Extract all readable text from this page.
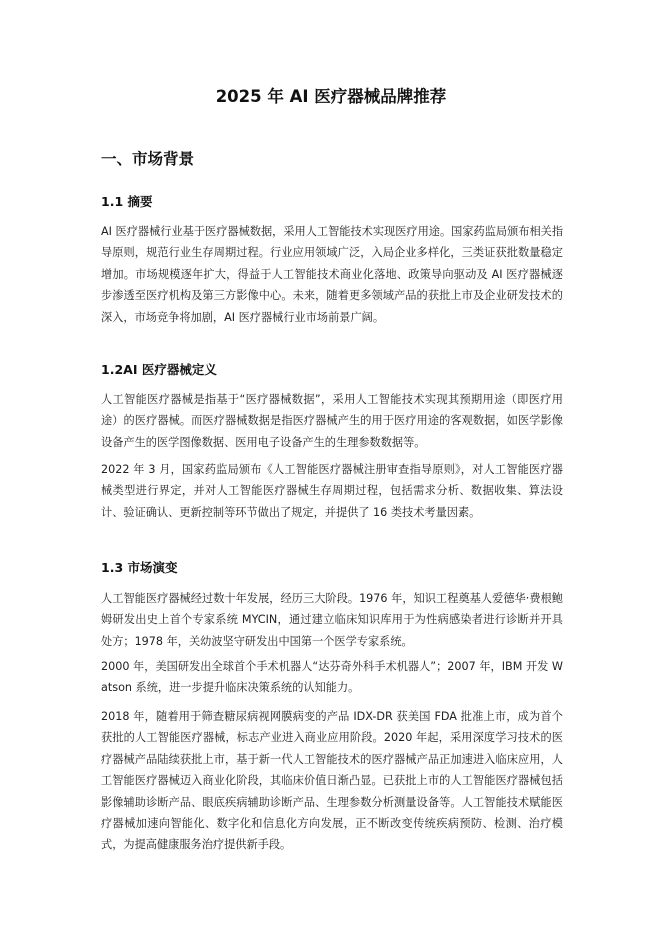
2025 年 AI 医疗器械品牌推荐
一、市场背景
1.1 摘要
AI 医疗器械行业基于医疗器械数据，采用人工智能技术实现医疗用途。国家药监局颁布相关指导原则，规范行业生存周期过程。行业应用领域广泛，入局企业多样化，三类证获批数量稳定增加。市场规模逐年扩大，得益于人工智能技术商业化落地、政策导向驱动及 AI 医疗器械逐步渗透至医疗机构及第三方影像中心。未来，随着更多领域产品的获批上市及企业研发技术的深入，市场竞争将加剧，AI 医疗器械行业市场前景广阔。
1.2AI 医疗器械定义
人工智能医疗器械是指基于“医疗器械数据”，采用人工智能技术实现其预期用途（即医疗用途）的医疗器械。而医疗器械数据是指医疗器械产生的用于医疗用途的客观数据，如医学影像设备产生的医学图像数据、医用电子设备产生的生理参数数据等。
2022 年 3 月，国家药监局颁布《人工智能医疗器械注册审查指导原则》，对人工智能医疗器械类型进行界定，并对人工智能医疗器械生存周期过程，包括需求分析、数据收集、算法设计、验证确认、更新控制等环节做出了规定，并提供了 16 类技术考量因素。
1.3 市场演变
人工智能医疗器械经过数十年发展，经历三大阶段。1976 年，知识工程奠基人爱德华·费根鲍姆研发出史上首个专家系统 MYCIN，通过建立临床知识库用于为性病感染者进行诊断并开具处方；1978 年，关幼波坚守研发出中国第一个医学专家系统。
2000 年，美国研发出全球首个手术机器人“达芬奇外科手术机器人”；2007 年，IBM 开发 Watson 系统，进一步提升临床决策系统的认知能力。
2018 年，随着用于筛查糖尿病视网膜病变的产品 IDX-DR 获美国 FDA 批准上市，成为首个获批的人工智能医疗器械，标志产业进入商业应用阶段。2020 年起，采用深度学习技术的医疗器械产品陆续获批上市，基于新一代人工智能技术的医疗器械产品正加速进入临床应用，人工智能医疗器械迈入商业化阶段，其临床价值日渐凸显。已获批上市的人工智能医疗器械包括影像辅助诊断产品、眼底疾病辅助诊断产品、生理参数分析测量设备等。人工智能技术赋能医疗器械加速向智能化、数字化和信息化方向发展，正不断改变传统疾病预防、检测、治疗模式，为提高健康服务治疗提供新手段。
